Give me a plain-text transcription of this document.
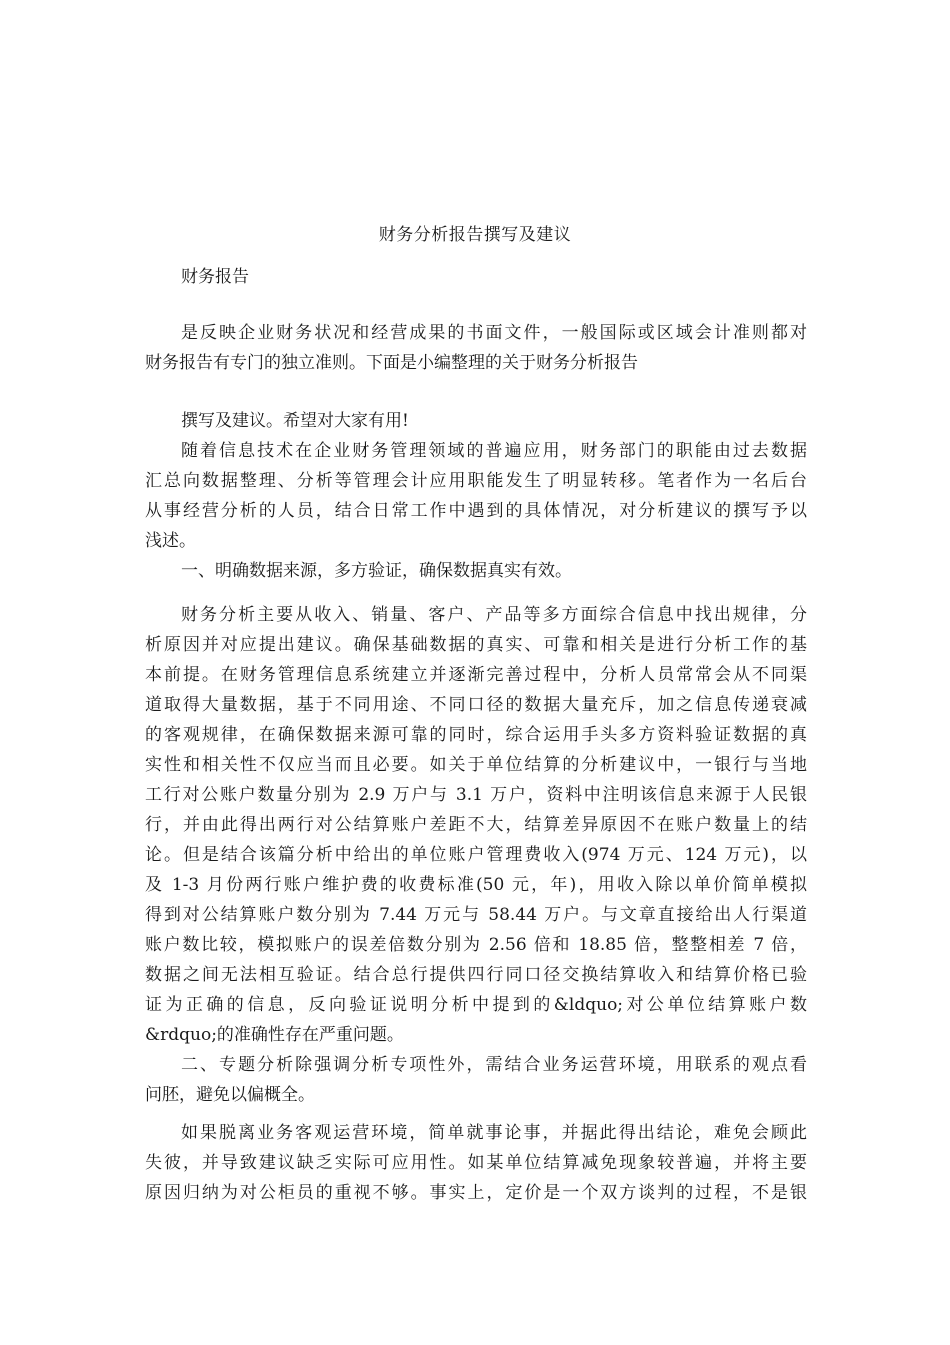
财务分析报告撰写及建议
财务报告
是反映企业财务状况和经营成果的书面文件，一般国际或区域会计准则都对
财务报告有专门的独立准则。下面是小编整理的关于财务分析报告
撰写及建议。希望对大家有用!
随着信息技术在企业财务管理领域的普遍应用，财务部门的职能由过去数据
汇总向数据整理、分析等管理会计应用职能发生了明显转移。笔者作为一名后台
从事经营分析的人员，结合日常工作中遇到的具体情况，对分析建议的撰写予以
浅述。
一、明确数据来源，多方验证，确保数据真实有效。
财务分析主要从收入、销量、客户、产品等多方面综合信息中找出规律，分
析原因并对应提出建议。确保基础数据的真实、可靠和相关是进行分析工作的基
本前提。在财务管理信息系统建立并逐渐完善过程中，分析人员常常会从不同渠
道取得大量数据，基于不同用途、不同口径的数据大量充斥，加之信息传递衰减
的客观规律，在确保数据来源可靠的同时，综合运用手头多方资料验证数据的真
实性和相关性不仅应当而且必要。如关于单位结算的分析建议中，一银行与当地
工行对公账户数量分别为 2.9 万户与 3.1 万户，资料中注明该信息来源于人民银
行，并由此得出两行对公结算账户差距不大，结算差异原因不在账户数量上的结
论。但是结合该篇分析中给出的单位账户管理费收入(974 万元、124 万元)，以
及 1-3 月份两行账户维护费的收费标准(50 元，年)，用收入除以单价简单模拟
得到对公结算账户数分别为 7.44 万元与 58.44 万户。与文章直接给出人行渠道
账户数比较，模拟账户的误差倍数分别为 2.56 倍和 18.85 倍，整整相差 7 倍，
数据之间无法相互验证。结合总行提供四行同口径交换结算收入和结算价格已验
证为正确的信息，反向验证说明分析中提到的&ldquo;对公单位结算账户数
&rdquo;的准确性存在严重问题。
二、专题分析除强调分析专项性外，需结合业务运营环境，用联系的观点看
问胚，避免以偏概全。
如果脱离业务客观运营环境，简单就事论事，并据此得出结论，难免会顾此
失彼，并导致建议缺乏实际可应用性。如某单位结算减免现象较普遍，并将主要
原因归纳为对公柜员的重视不够。事实上，定价是一个双方谈判的过程，不是银
